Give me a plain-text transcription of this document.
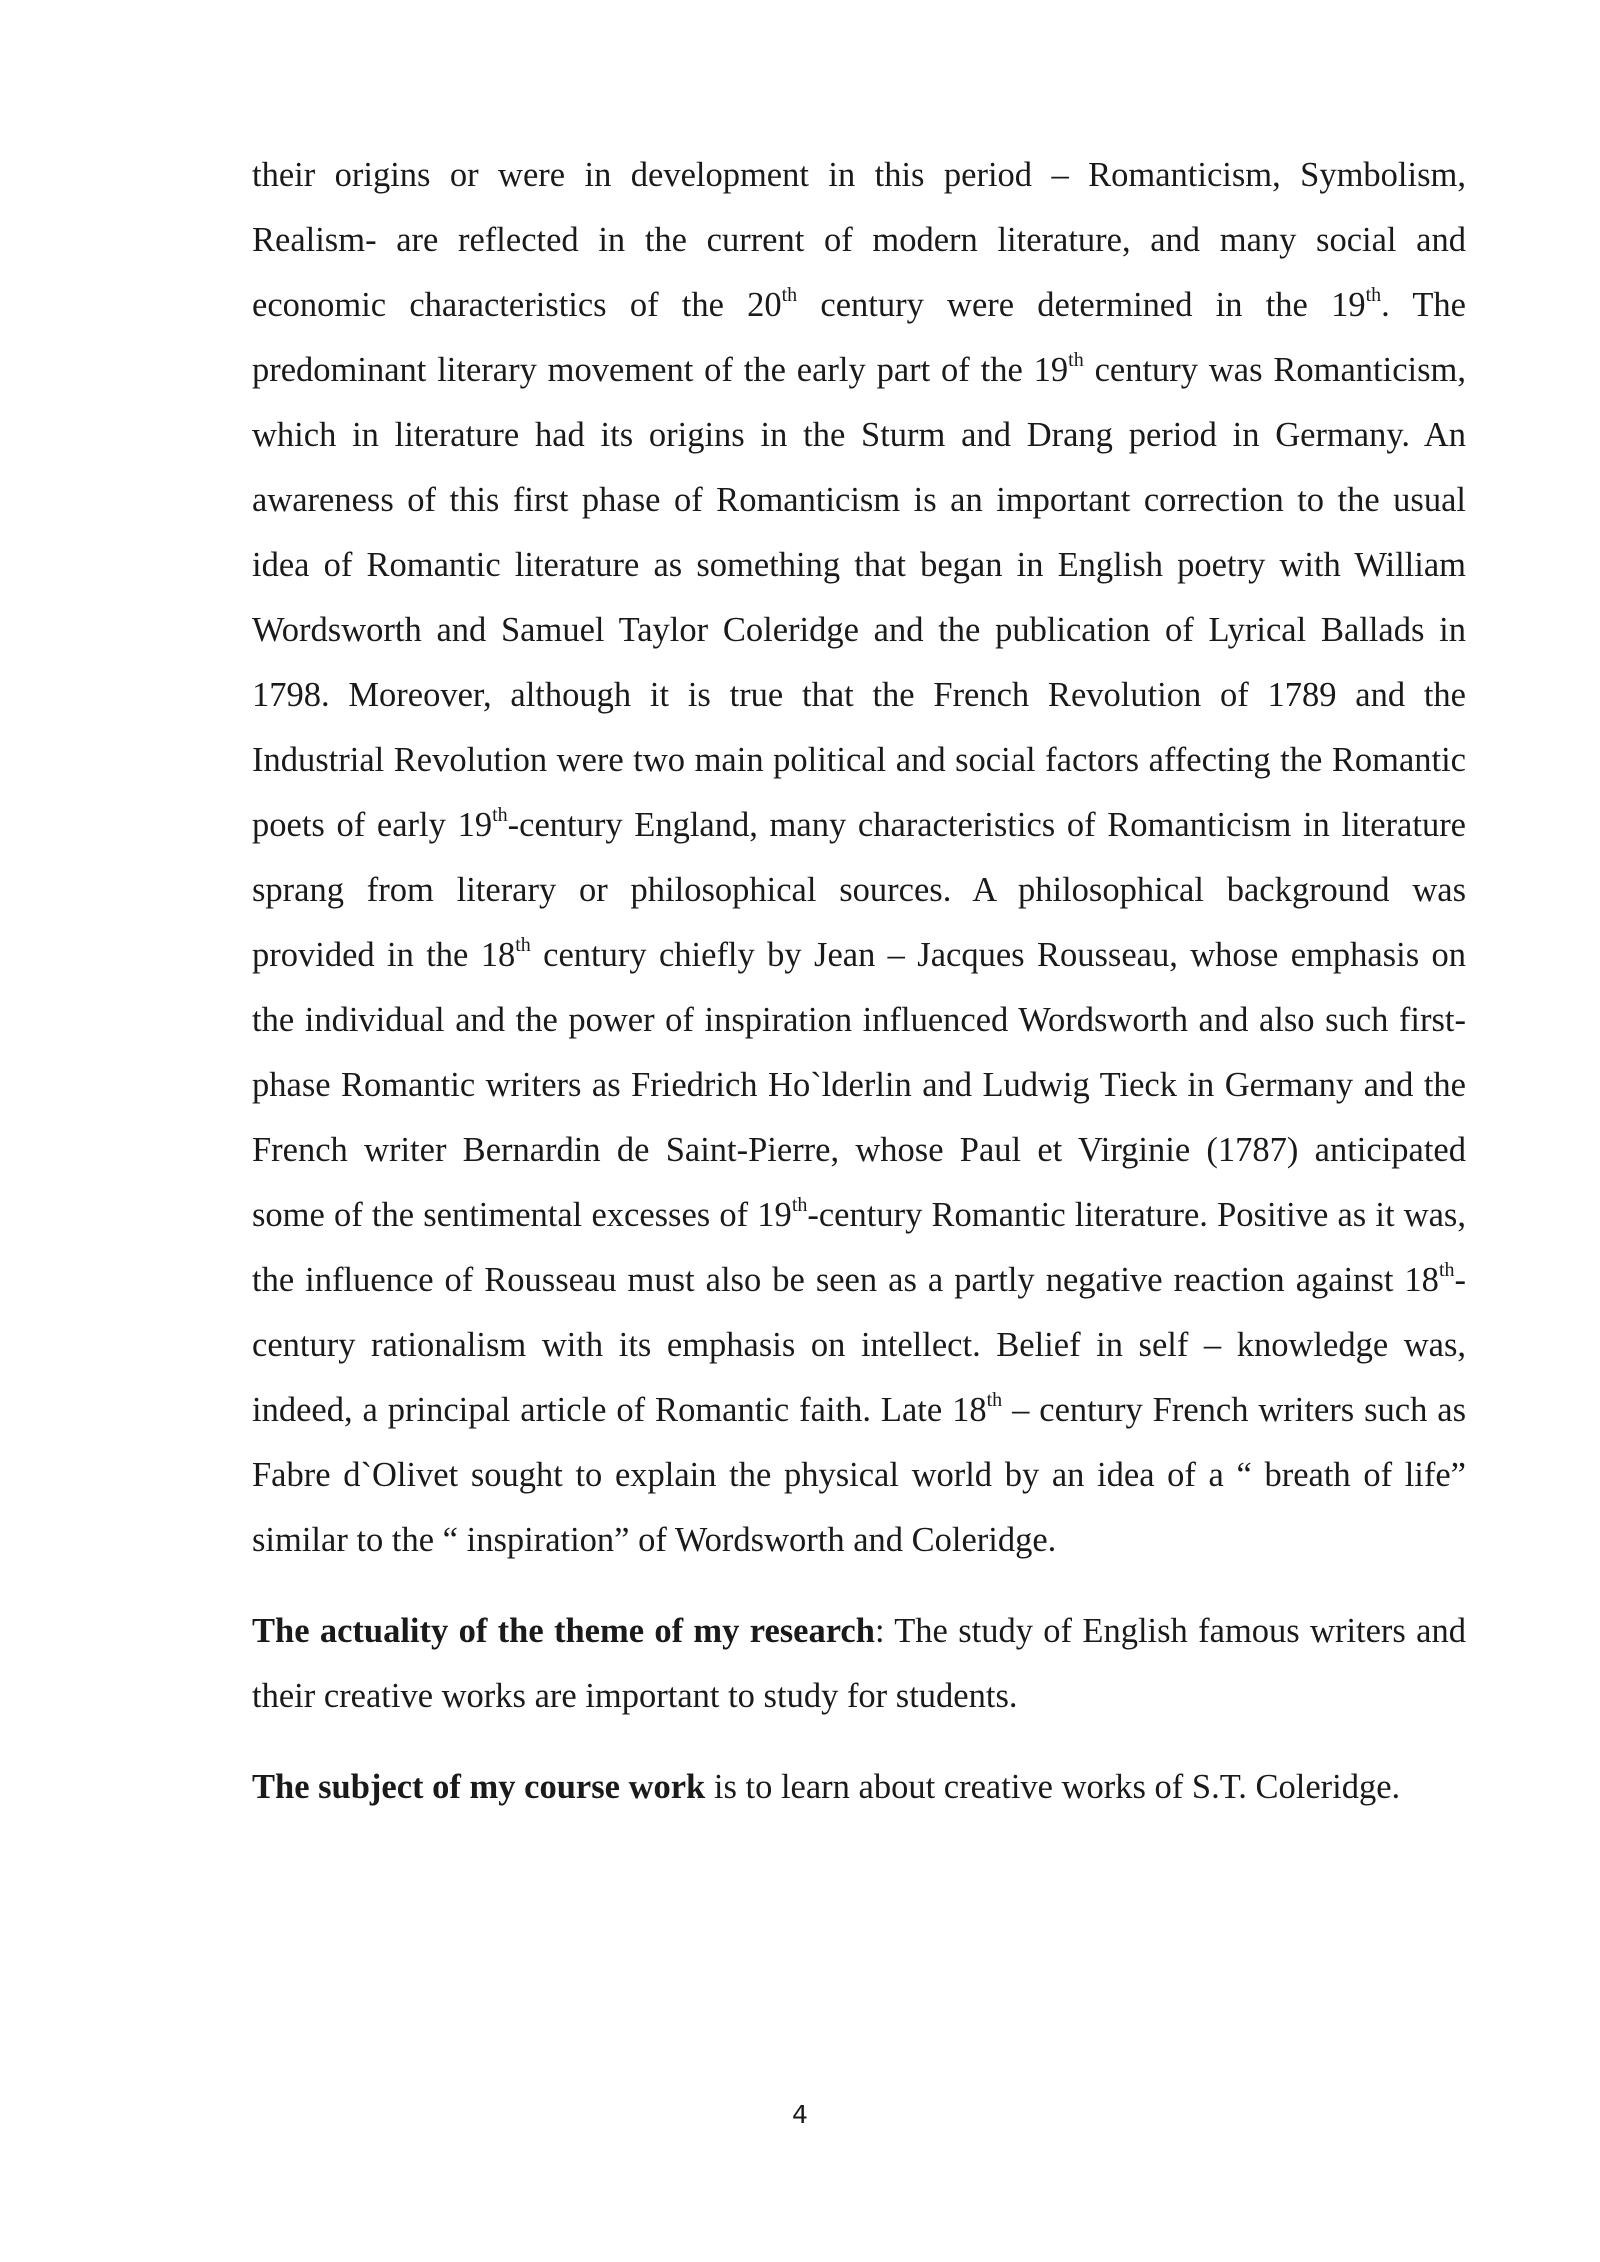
their origins or were in development in this period – Romanticism, Symbolism, Realism- are reflected in the current of modern literature, and many social and economic characteristics of the 20th century were determined in the 19th. The predominant literary movement of the early part of the 19th century was Romanticism, which in literature had its origins in the Sturm and Drang period in Germany. An awareness of this first phase of Romanticism is an important correction to the usual idea of Romantic literature as something that began in English poetry with William Wordsworth and Samuel Taylor Coleridge and the publication of Lyrical Ballads in 1798. Moreover, although it is true that the French Revolution of 1789 and the Industrial Revolution were two main political and social factors affecting the Romantic poets of early 19th-century England, many characteristics of Romanticism in literature sprang from literary or philosophical sources. A philosophical background was provided in the 18th century chiefly by Jean – Jacques Rousseau, whose emphasis on the individual and the power of inspiration influenced Wordsworth and also such first- phase Romantic writers as Friedrich Ho`lderlin and Ludwig Tieck in Germany and the French writer Bernardin de Saint-Pierre, whose Paul et Virginie (1787) anticipated some of the sentimental excesses of 19th-century Romantic literature. Positive as it was, the influence of Rousseau must also be seen as a partly negative reaction against 18th- century rationalism with its emphasis on intellect. Belief in self – knowledge was, indeed, a principal article of Romantic faith. Late 18th – century French writers such as Fabre d`Olivet sought to explain the physical world by an idea of a “ breath of life” similar to the “ inspiration” of Wordsworth and Coleridge.

The actuality of the theme of my research: The study of English famous writers and their creative works are important to study for students.

The subject of my course work is to learn about creative works of S.T. Coleridge.

4
